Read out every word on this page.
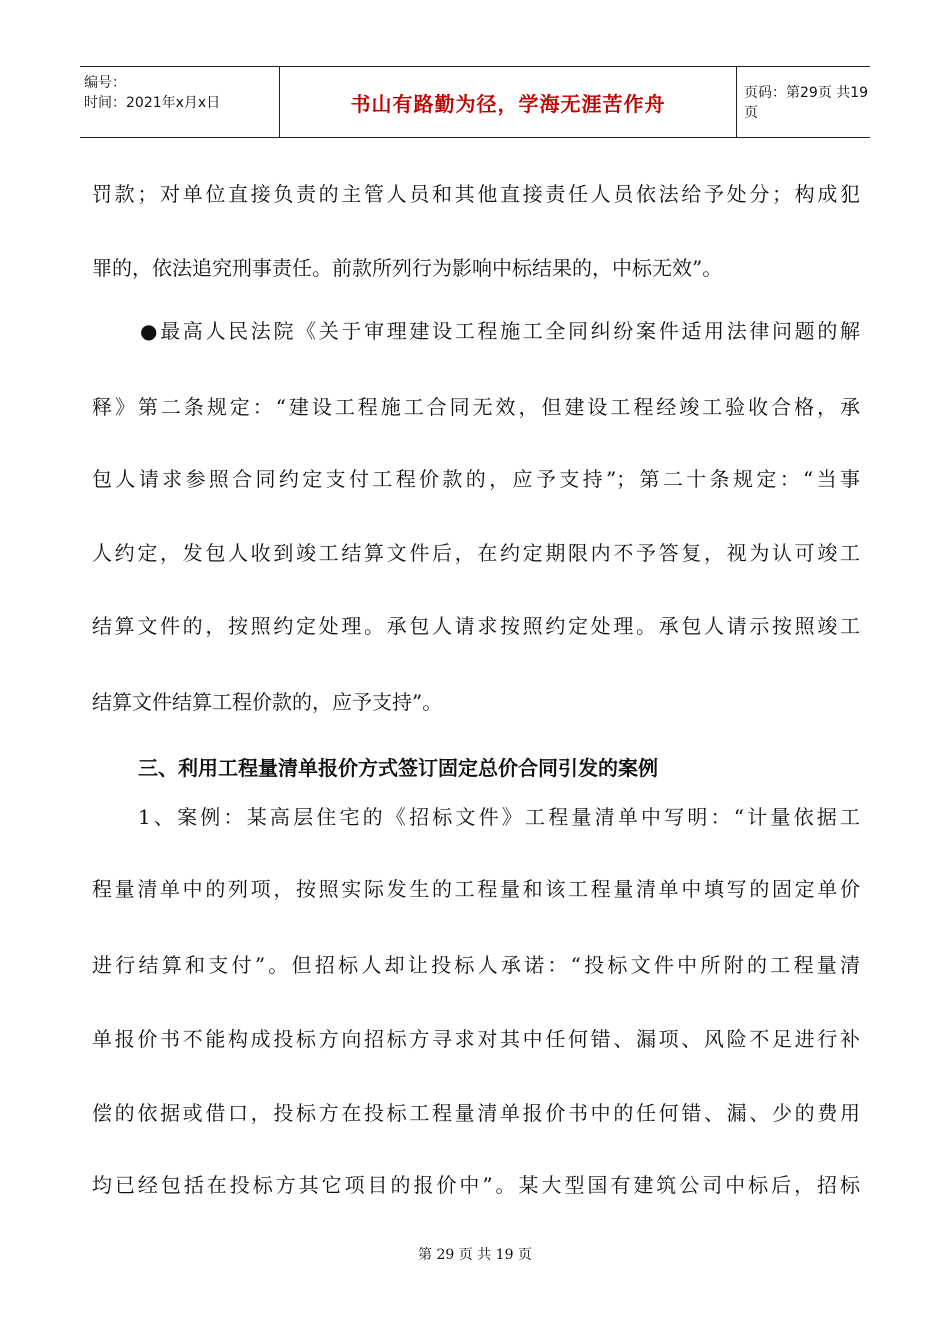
编号：
时间：2021年x月x日	书山有路勤为径，学海无涯苦作舟	页码：第29页 共19页
罚款；对单位直接负责的主管人员和其他直接责任人员依法给予处分；构成犯
罪的，依法追究刑事责任。前款所列行为影响中标结果的，中标无效”。
●最高人民法院《关于审理建设工程施工全同纠纷案件适用法律问题的解
释》第二条规定：“建设工程施工合同无效，但建设工程经竣工验收合格，承
包人请求参照合同约定支付工程价款的，应予支持”；第二十条规定：“当事
人约定，发包人收到竣工结算文件后，在约定期限内不予答复，视为认可竣工
结算文件的，按照约定处理。承包人请求按照约定处理。承包人请示按照竣工
结算文件结算工程价款的，应予支持”。
三、利用工程量清单报价方式签订固定总价合同引发的案例
1、案例：某高层住宅的《招标文件》工程量清单中写明：“计量依据工
程量清单中的列项，按照实际发生的工程量和该工程量清单中填写的固定单价
进行结算和支付”。但招标人却让投标人承诺：“投标文件中所附的工程量清
单报价书不能构成投标方向招标方寻求对其中任何错、漏项、风险不足进行补
偿的依据或借口，投标方在投标工程量清单报价书中的任何错、漏、少的费用
均已经包括在投标方其它项目的报价中”。某大型国有建筑公司中标后，招标
第 29 页 共 19 页
